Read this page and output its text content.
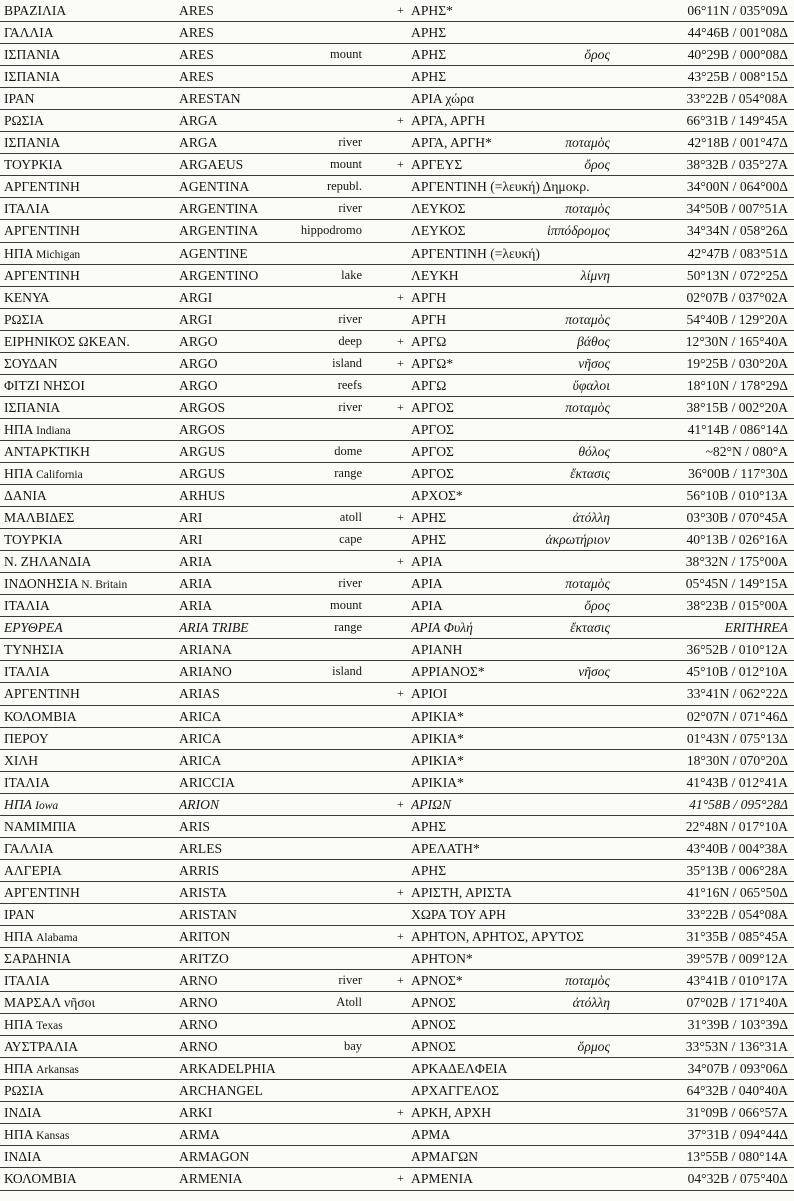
ΒΡΑΖΙΛΙΑ	ARES	+ ΑΡΗΣ*	06°11N / 035°09Δ
ΓΑΛΛΙΑ	ARES	ΑΡΗΣ	44°46B / 001°08Δ
ΙΣΠΑΝΙΑ	ARES	mount	ΑΡΗΣ	ὄρος	40°29B / 000°08Δ
ΙΣΠΑΝΙΑ	ARES	ΑΡΗΣ	43°25B / 008°15Δ
ΙΡΑΝ	ARESTAN	ΑΡΙΑ χώρα	33°22B / 054°08A
ΡΩΣΙΑ	ARGA	+ ΑΡΓΑ, ΑΡΓΗ	66°31B / 149°45A
ΙΣΠΑΝΙΑ	ARGA	river	ΑΡΓΑ, ΑΡΓΗ*	ποταμὸς	42°18B / 001°47Δ
ΤΟΥΡΚΙΑ	ARGAEUS	mount	+ ΑΡΓΕΥΣ	ὄρος	38°32B / 035°27A
ΑΡΓΕΝΤΙΝΗ	AGENTINA	republ.	ΑΡΓΕΝΤΙΝΗ (=λευκή) Δημοκρ.	34°00N / 064°00Δ
ΙΤΑΛΙΑ	ARGENTINA	river	ΛΕΥΚΟΣ	ποταμὸς	34°50B / 007°51A
ΑΡΓΕΝΤΙΝΗ	ARGENTINA	hippodromo	ΛΕΥΚΟΣ	ἱππόδρομος	34°34N / 058°26Δ
ΗΠΑ Michigan	AGENTINE	ΑΡΓΕΝΤΙΝΗ (=λευκή)	42°47B / 083°51Δ
ΑΡΓΕΝΤΙΝΗ	ARGENTINO	lake	ΛΕΥΚΗ	λίμνη	50°13N / 072°25Δ
ΚΕΝΥΑ	ARGI	+ ΑΡΓΗ	02°07B / 037°02A
ΡΩΣΙΑ	ARGI	river	ΑΡΓΗ	ποταμὸς	54°40B / 129°20A
ΕΙΡΗΝΙΚΟΣ ΩΚΕΑΝ.	ARGO	deep	+ ΑΡΓΩ	βάθος	12°30N / 165°40A
ΣΟΥΔΑΝ	ARGO	island	+ ΑΡΓΩ*	νῆσος	19°25B / 030°20A
ΦΙΤΖΙ ΝΗΣΟΙ	ARGO	reefs	ΑΡΓΩ	ὕφαλοι	18°10N / 178°29Δ
ΙΣΠΑΝΙΑ	ARGOS	river	+ ΑΡΓΟΣ	ποταμὸς	38°15B / 002°20A
ΗΠΑ Indiana	ARGOS	ΑΡΓΟΣ	41°14B / 086°14Δ
ΑΝΤΑΡΚΤΙΚΗ	ARGUS	dome	ΑΡΓΟΣ	θόλος	~82°N / 080°A
ΗΠΑ California	ARGUS	range	ΑΡΓΟΣ	ἔκτασις	36°00B / 117°30Δ
ΔΑΝΙΑ	ARHUS	ΑΡΧΟΣ*	56°10B / 010°13A
ΜΑΛΒΙΔΕΣ	ARI	atoll	+ ΑΡΗΣ	ἀτόλλη	03°30B / 070°45A
ΤΟΥΡΚΙΑ	ARI	cape	ΑΡΗΣ	ἀκρωτήριον	40°13B / 026°16A
Ν. ΖΗΛΑΝΔΙΑ	ARIA	+ ΑΡΙΑ	38°32N / 175°00A
ΙΝΔΟΝΗΣΙΑ N. Britain	ARIA	river	ΑΡΙΑ	ποταμὸς	05°45N / 149°15A
ΙΤΑΛΙΑ	ARIA	mount	ΑΡΙΑ	ὄρος	38°23B / 015°00A
ΕΡΥΘΡΕΑ	ARIA TRIBE	range	ΑΡΙΑ Φυλή	ἔκτασις	ERITHREA
ΤΥΝΗΣΙΑ	ARIANA	ΑΡΙΑΝΗ	36°52B / 010°12A
ΙΤΑΛΙΑ	ARIANO	island	ΑΡΡΙΑΝΟΣ*	νῆσος	45°10B / 012°10A
ΑΡΓΕΝΤΙΝΗ	ARIAS	+ ΑΡΙΟΙ	33°41N / 062°22Δ
ΚΟΛΟΜΒΙΑ	ARICA	ΑΡΙΚΙΑ*	02°07N / 071°46Δ
ΠΕΡΟΥ	ARICA	ΑΡΙΚΙΑ*	01°43N / 075°13Δ
ΧΙΛΗ	ARICA	ΑΡΙΚΙΑ*	18°30N / 070°20Δ
ΙΤΑΛΙΑ	ARICCIA	ΑΡΙΚΙΑ*	41°43B / 012°41A
ΗΠΑ Iowa	ARION	+ ΑΡΙΩΝ	41°58B / 095°28Δ
ΝΑΜΙΜΠΙΑ	ARIS	ΑΡΗΣ	22°48N / 017°10A
ΓΑΛΛΙΑ	ARLES	ΑΡΕΛΑΤΗ*	43°40B / 004°38A
ΑΛΓΕΡΙΑ	ARRIS	ΑΡΗΣ	35°13B / 006°28A
ΑΡΓΕΝΤΙΝΗ	ARISTA	+ ΑΡΙΣΤΗ, ΑΡΙΣΤΑ	41°16N / 065°50Δ
ΙΡΑΝ	ARISTAN	ΧΩΡΑ ΤΟΥ ΑΡΗ	33°22B / 054°08A
ΗΠΑ Alabama	ARITON	+ ΑΡΗΤΟΝ, ΑΡΗΤΟΣ, ΑΡΥΤΟΣ	31°35B / 085°45A
ΣΑΡΔΗΝΙΑ	ARITZO	ΑΡΗΤΟΝ*	39°57B / 009°12A
ΙΤΑΛΙΑ	ARNO	river	+ ΑΡΝΟΣ*	ποταμὸς	43°41B / 010°17A
ΜΑΡΣΑΛ νῆσοι	ARNO	Atoll	ΑΡΝΟΣ	ἀτόλλη	07°02B / 171°40A
ΗΠΑ Texas	ARNO	ΑΡΝΟΣ	31°39B / 103°39Δ
ΑΥΣΤΡΑΛΙΑ	ARNO	bay	ΑΡΝΟΣ	ὅρμος	33°53N / 136°31A
ΗΠΑ Arkansas	ARKADELPHIA	ΑΡΚΑΔΕΛΦΕΙΑ	34°07B / 093°06Δ
ΡΩΣΙΑ	ARCHANGEL	ΑΡΧΑΓΓΕΛΟΣ	64°32B / 040°40A
ΙΝΔΙΑ	ARKI	+ ΑΡΚΗ, ΑΡΧΗ	31°09B / 066°57A
ΗΠΑ Kansas	ARMA	ΑΡΜΑ	37°31B / 094°44Δ
ΙΝΔΙΑ	ARMAGON	ΑΡΜΑΓΩΝ	13°55B / 080°14A
ΚΟΛΟΜΒΙΑ	ARMENIA	+ ΑΡΜΕΝΙΑ	04°32B / 075°40Δ
